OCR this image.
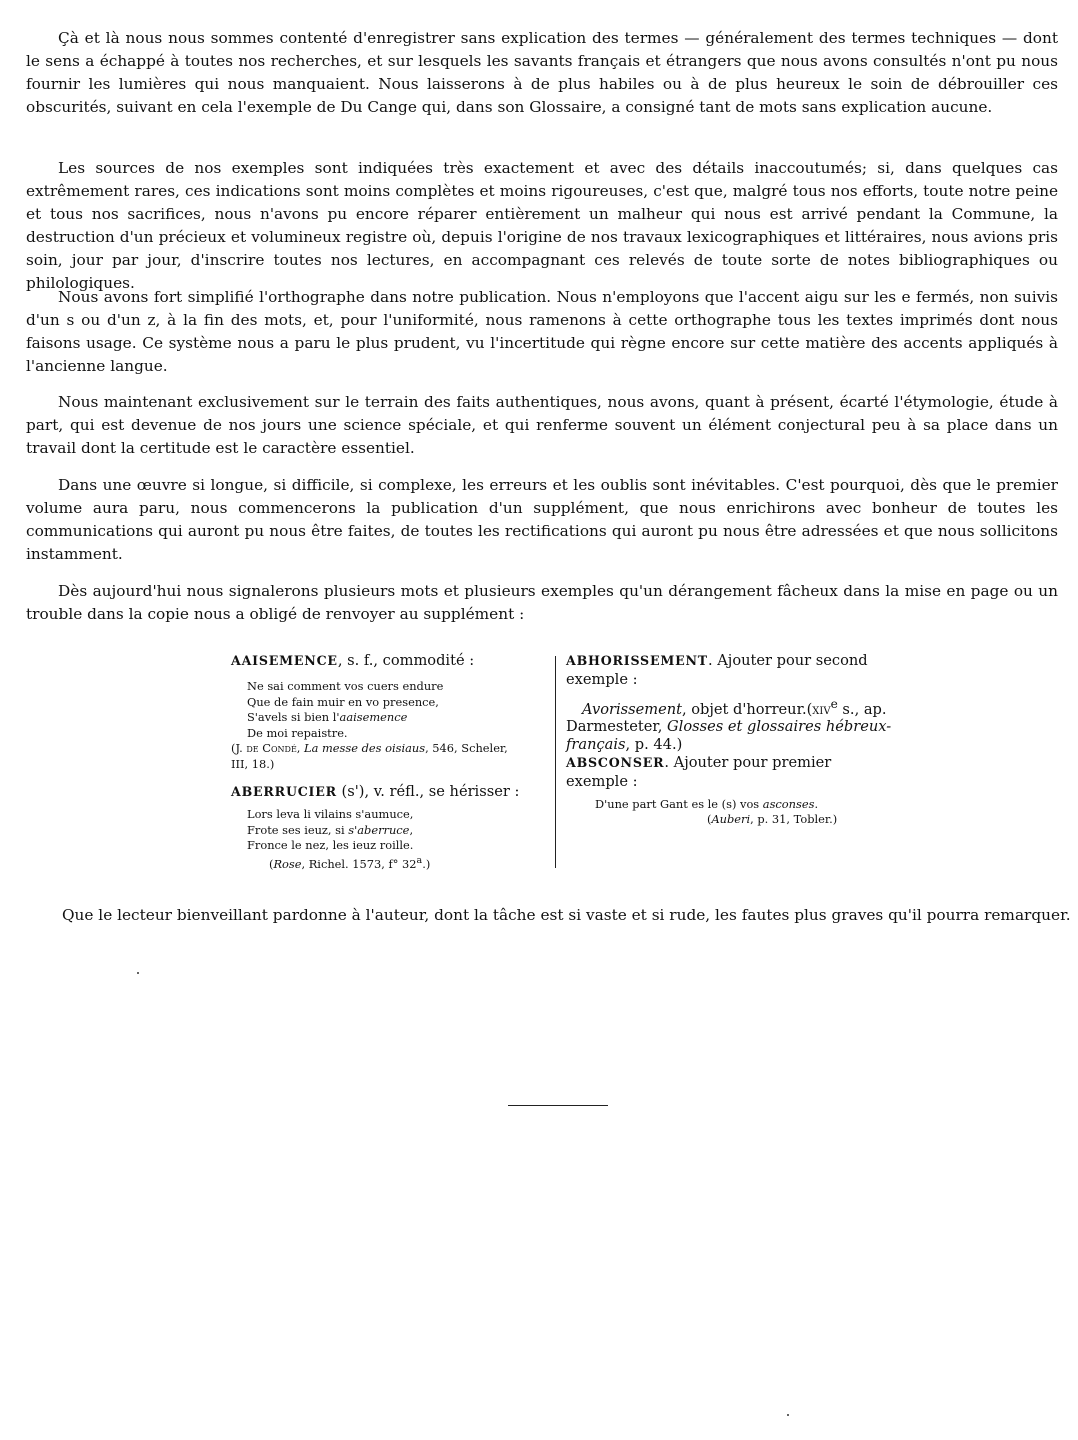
Çà et là nous nous sommes contenté d'enregistrer sans explication des termes — généralement des termes techniques — dont le sens a échappé à toutes nos recherches, et sur lesquels les savants français et étrangers que nous avons consultés n'ont pu nous fournir les lumières qui nous manquaient. Nous laisserons à de plus habiles ou à de plus heureux le soin de débrouiller ces obscurités, suivant en cela l'exemple de Du Cange qui, dans son Glossaire, a consigné tant de mots sans explication aucune.

Les sources de nos exemples sont indiquées très exactement et avec des détails inaccoutumés; si, dans quelques cas extrêmement rares, ces indications sont moins complètes et moins rigoureuses, c'est que, malgré tous nos efforts, toute notre peine et tous nos sacrifices, nous n'avons pu encore réparer entièrement un malheur qui nous est arrivé pendant la Commune, la destruction d'un précieux et volumineux registre où, depuis l'origine de nos travaux lexicographiques et littéraires, nous avions pris soin, jour par jour, d'inscrire toutes nos lectures, en accompagnant ces relevés de toute sorte de notes bibliographiques ou philologiques.

Nous avons fort simplifié l'orthographe dans notre publication. Nous n'employons que l'accent aigu sur les e fermés, non suivis d'un s ou d'un z, à la fin des mots, et, pour l'uniformité, nous ramenons à cette orthographe tous les textes imprimés dont nous faisons usage. Ce système nous a paru le plus prudent, vu l'incertitude qui règne encore sur cette matière des accents appliqués à l'ancienne langue.

Nous maintenant exclusivement sur le terrain des faits authentiques, nous avons, quant à présent, écarté l'étymologie, étude à part, qui est devenue de nos jours une science spéciale, et qui renferme souvent un élément conjectural peu à sa place dans un travail dont la certitude est le caractère essentiel.

Dans une œuvre si longue, si difficile, si complexe, les erreurs et les oublis sont inévitables. C'est pourquoi, dès que le premier volume aura paru, nous commencerons la publication d'un supplément, que nous enrichirons avec bonheur de toutes les communications qui auront pu nous être faites, de toutes les rectifications qui auront pu nous être adressées et que nous sollicitons instamment.

Dès aujourd'hui nous signalerons plusieurs mots et plusieurs exemples qu'un dérangement fâcheux dans la mise en page ou un trouble dans la copie nous a obligé de renvoyer au supplément :

AAISEMENCE, s. f., commodité :

Ne sai comment vos cuers endure
Que de fain muir en vo presence,
S'avels si bien l'aaisemence
De moi repaistre.
(J. de Condé, La messe des oisiaus, 546, Scheler,
III, 18.)

ABERRUCIER (s'), v. réfl., se hérisser :

Lors leva li vilains s'aumuce,
Frote ses ieuz, si s'aberruce,
Fronce le nez, les ieuz roille.
(Rose, Richel. 1573, f° 32$^a$.)

ABHORISSEMENT. Ajouter pour second exemple :

Avorissement, objet d'horreur.(xiv$^e$ s., ap.
Darmesteter, Glosses et glossaires hébreux-
français, p. 44.)

ABSCONSER. Ajouter pour premier exemple :

D'une part Gant es le (s) vos asconses.
(Auberi, p. 31, Tobler.)

Que le lecteur bienveillant pardonne à l'auteur, dont la tâche est si vaste et si rude, les fautes plus graves qu'il pourra remarquer.
